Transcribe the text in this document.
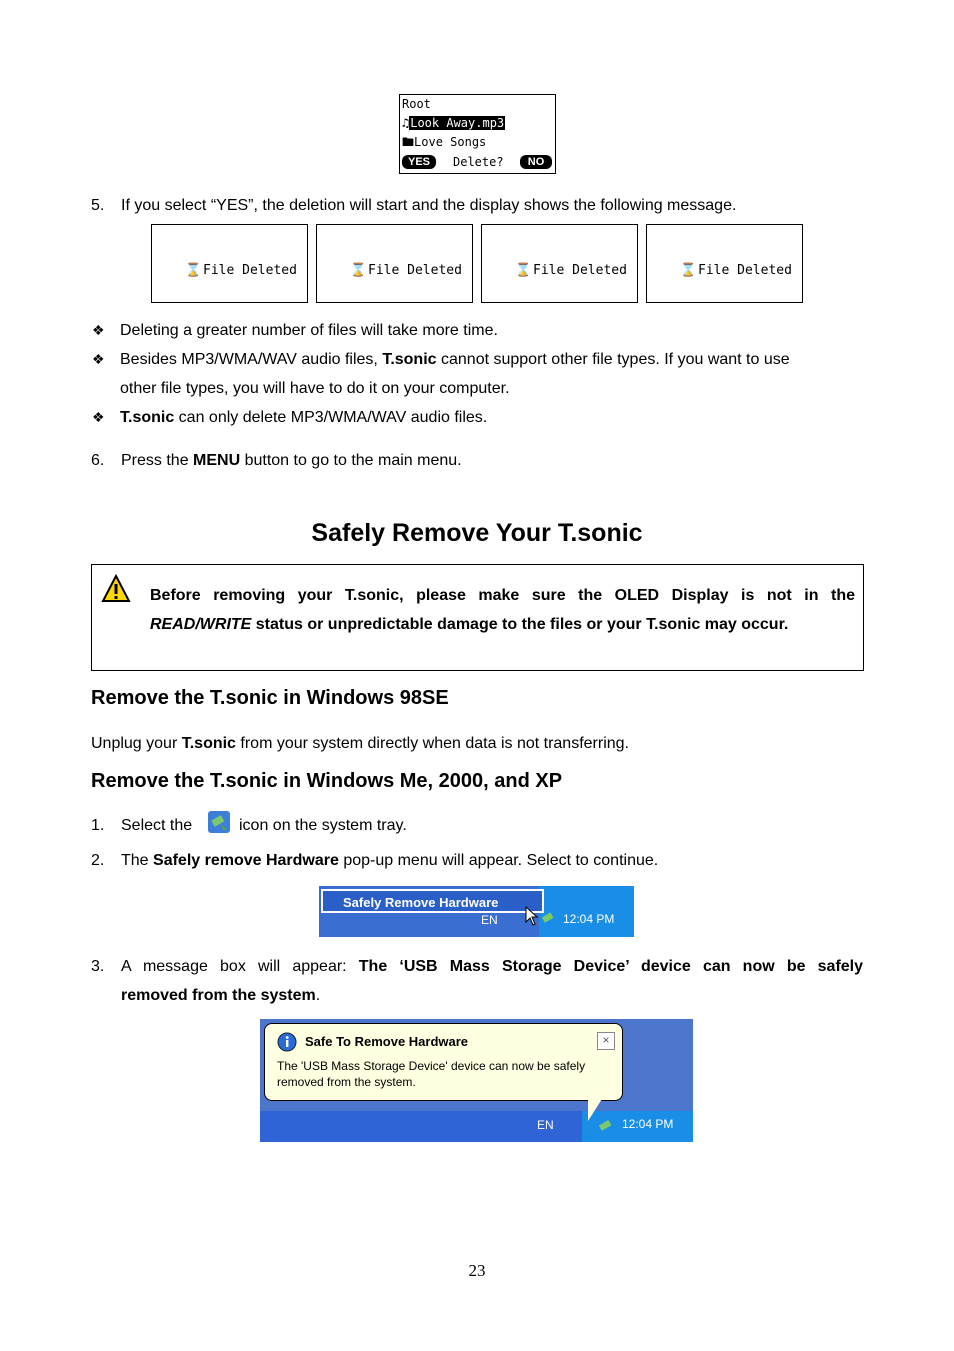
Root
♫Look Away.mp3
🖿Love Songs
YES	Delete?	NO
5. If you select “YES”, the deletion will start and the display shows the following message.
⌛ File Deleted	⌛ File Deleted	⌛ File Deleted	⌛ File Deleted
❖ Deleting a greater number of files will take more time.
❖ Besides MP3/WMA/WAV audio files, T.sonic cannot support other file types. If you want to use
other file types, you will have to do it on your computer.
❖ T.sonic can only delete MP3/WMA/WAV audio files.
6. Press the MENU button to go to the main menu.
Safely Remove Your T.sonic
Before removing your T.sonic, please make sure the OLED Display is not in the READ/WRITE status or unpredictable damage to the files or your T.sonic may occur.
Remove the T.sonic in Windows 98SE
Unplug your T.sonic from your system directly when data is not transferring.
Remove the T.sonic in Windows Me, 2000, and XP
1. Select the	icon on the system tray.
2. The Safely remove Hardware pop-up menu will appear. Select to continue.
Safely Remove Hardware
EN	12:04 PM
3. A message box will appear: The ‘USB Mass Storage Device’ device can now be safely
removed from the system.
Safe To Remove Hardware	×
The 'USB Mass Storage Device' device can now be safely removed from the system.
EN	12:04 PM
23
